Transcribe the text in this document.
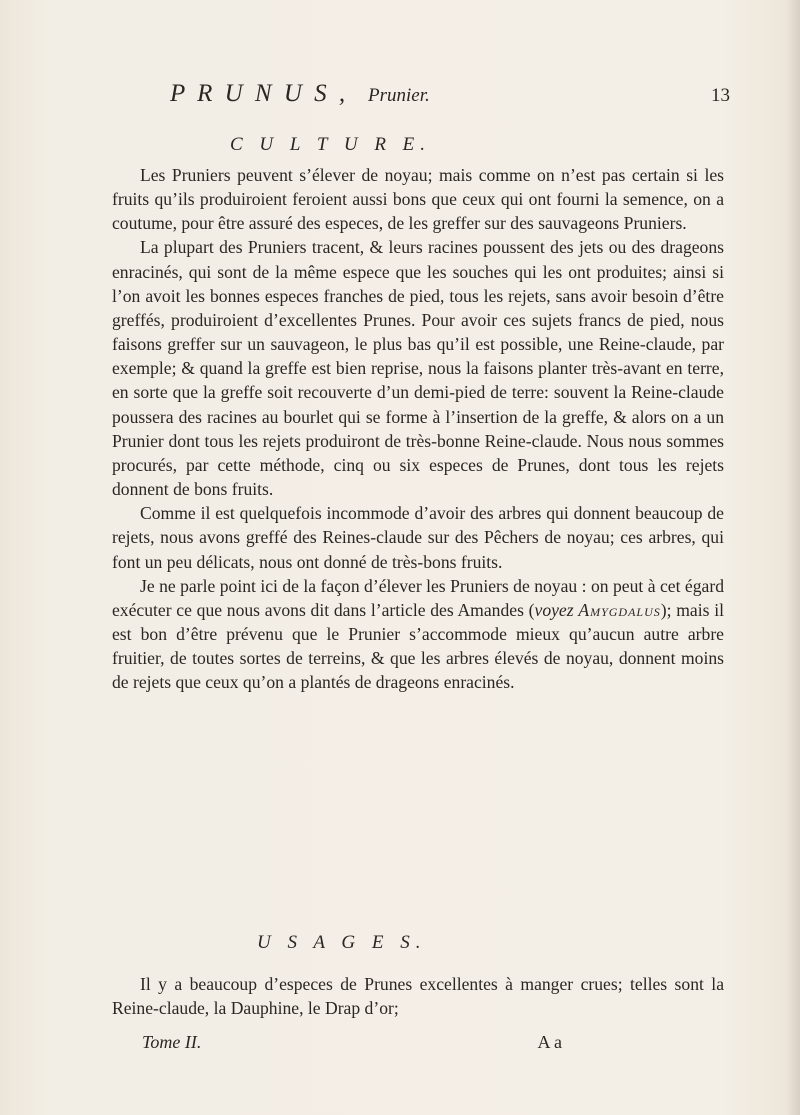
P R U N U S , Prunier.	13
C U L T U R E.

Les Pruniers peuvent s’élever de noyau; mais comme on n’est pas certain si les fruits qu’ils produiroient feroient aussi bons que ceux qui ont fourni la semence, on a coutume, pour être assuré des especes, de les greffer sur des sauvageons Pruniers.

La plupart des Pruniers tracent, & leurs racines poussent des jets ou des drageons enracinés, qui sont de la même espece que les souches qui les ont produites; ainsi si l’on avoit les bonnes especes franches de pied, tous les rejets, sans avoir besoin d’être greffés, produiroient d’excellentes Prunes. Pour avoir ces sujets francs de pied, nous faisons greffer sur un sauvageon, le plus bas qu’il est possible, une Reine-claude, par exemple; & quand la greffe est bien reprise, nous la faisons planter très-avant en terre, en sorte que la greffe soit recouverte d’un demi-pied de terre: souvent la Reine-claude poussera des racines au bourlet qui se forme à l’insertion de la greffe, & alors on a un Prunier dont tous les rejets produiront de très-bonne Reine-claude. Nous nous sommes procurés, par cette méthode, cinq ou six especes de Prunes, dont tous les rejets donnent de bons fruits.

Comme il est quelquefois incommode d’avoir des arbres qui donnent beaucoup de rejets, nous avons greffé des Reines-claude sur des Pêchers de noyau; ces arbres, qui font un peu délicats, nous ont donné de très-bons fruits.

Je ne parle point ici de la façon d’élever les Pruniers de noyau : on peut à cet égard exécuter ce que nous avons dit dans l’article des Amandes (voyez Amygdalus); mais il est bon d’être prévenu que le Prunier s’accommode mieux qu’aucun autre arbre fruitier, de toutes sortes de terreins, & que les arbres élevés de noyau, donnent moins de rejets que ceux qu’on a plantés de drageons enracinés.

U S A G E S.

Il y a beaucoup d’especes de Prunes excellentes à manger crues; telles sont la Reine-claude, la Dauphine, le Drap d’or;

Tome II.	A a
